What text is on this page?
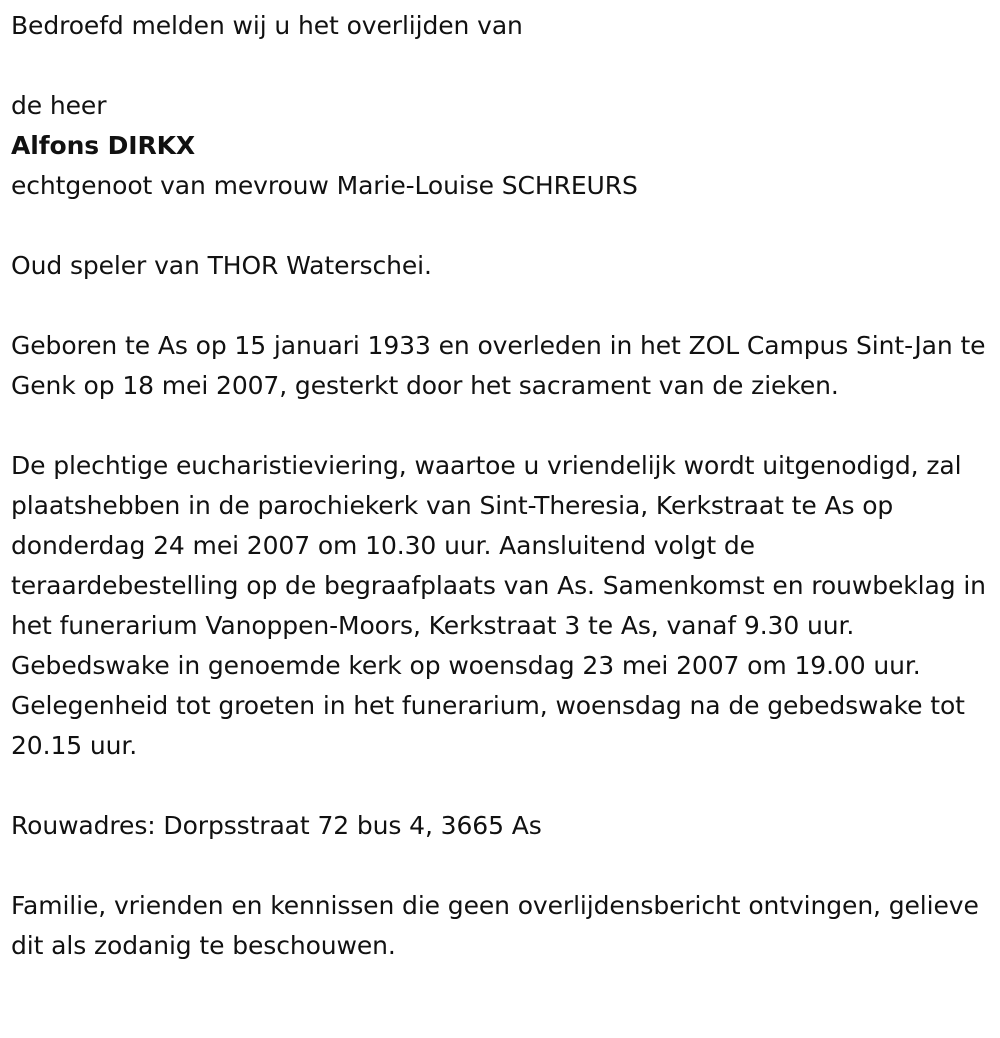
Bedroefd melden wij u het overlijden van

de heer

Alfons DIRKX

echtgenoot van mevrouw Marie-Louise SCHREURS

Oud speler van THOR Waterschei.

Geboren te As op 15 januari 1933 en overleden in het ZOL Campus Sint-Jan te Genk op 18 mei 2007, gesterkt door het sacrament van de zieken.

De plechtige eucharistieviering, waartoe u vriendelijk wordt uitgenodigd, zal plaatshebben in de parochiekerk van Sint-Theresia, Kerkstraat te As op donderdag 24 mei 2007 om 10.30 uur. Aansluitend volgt de teraardebestelling op de begraafplaats van As. Samenkomst en rouwbeklag in het funerarium Vanoppen-Moors, Kerkstraat 3 te As, vanaf 9.30 uur. Gebedswake in genoemde kerk op woensdag 23 mei 2007 om 19.00 uur. Gelegenheid tot groeten in het funerarium, woensdag na de gebedswake tot 20.15 uur.

Rouwadres: Dorpsstraat 72 bus 4, 3665 As

Familie, vrienden en kennissen die geen overlijdensbericht ontvingen, gelieve dit als zodanig te beschouwen.
